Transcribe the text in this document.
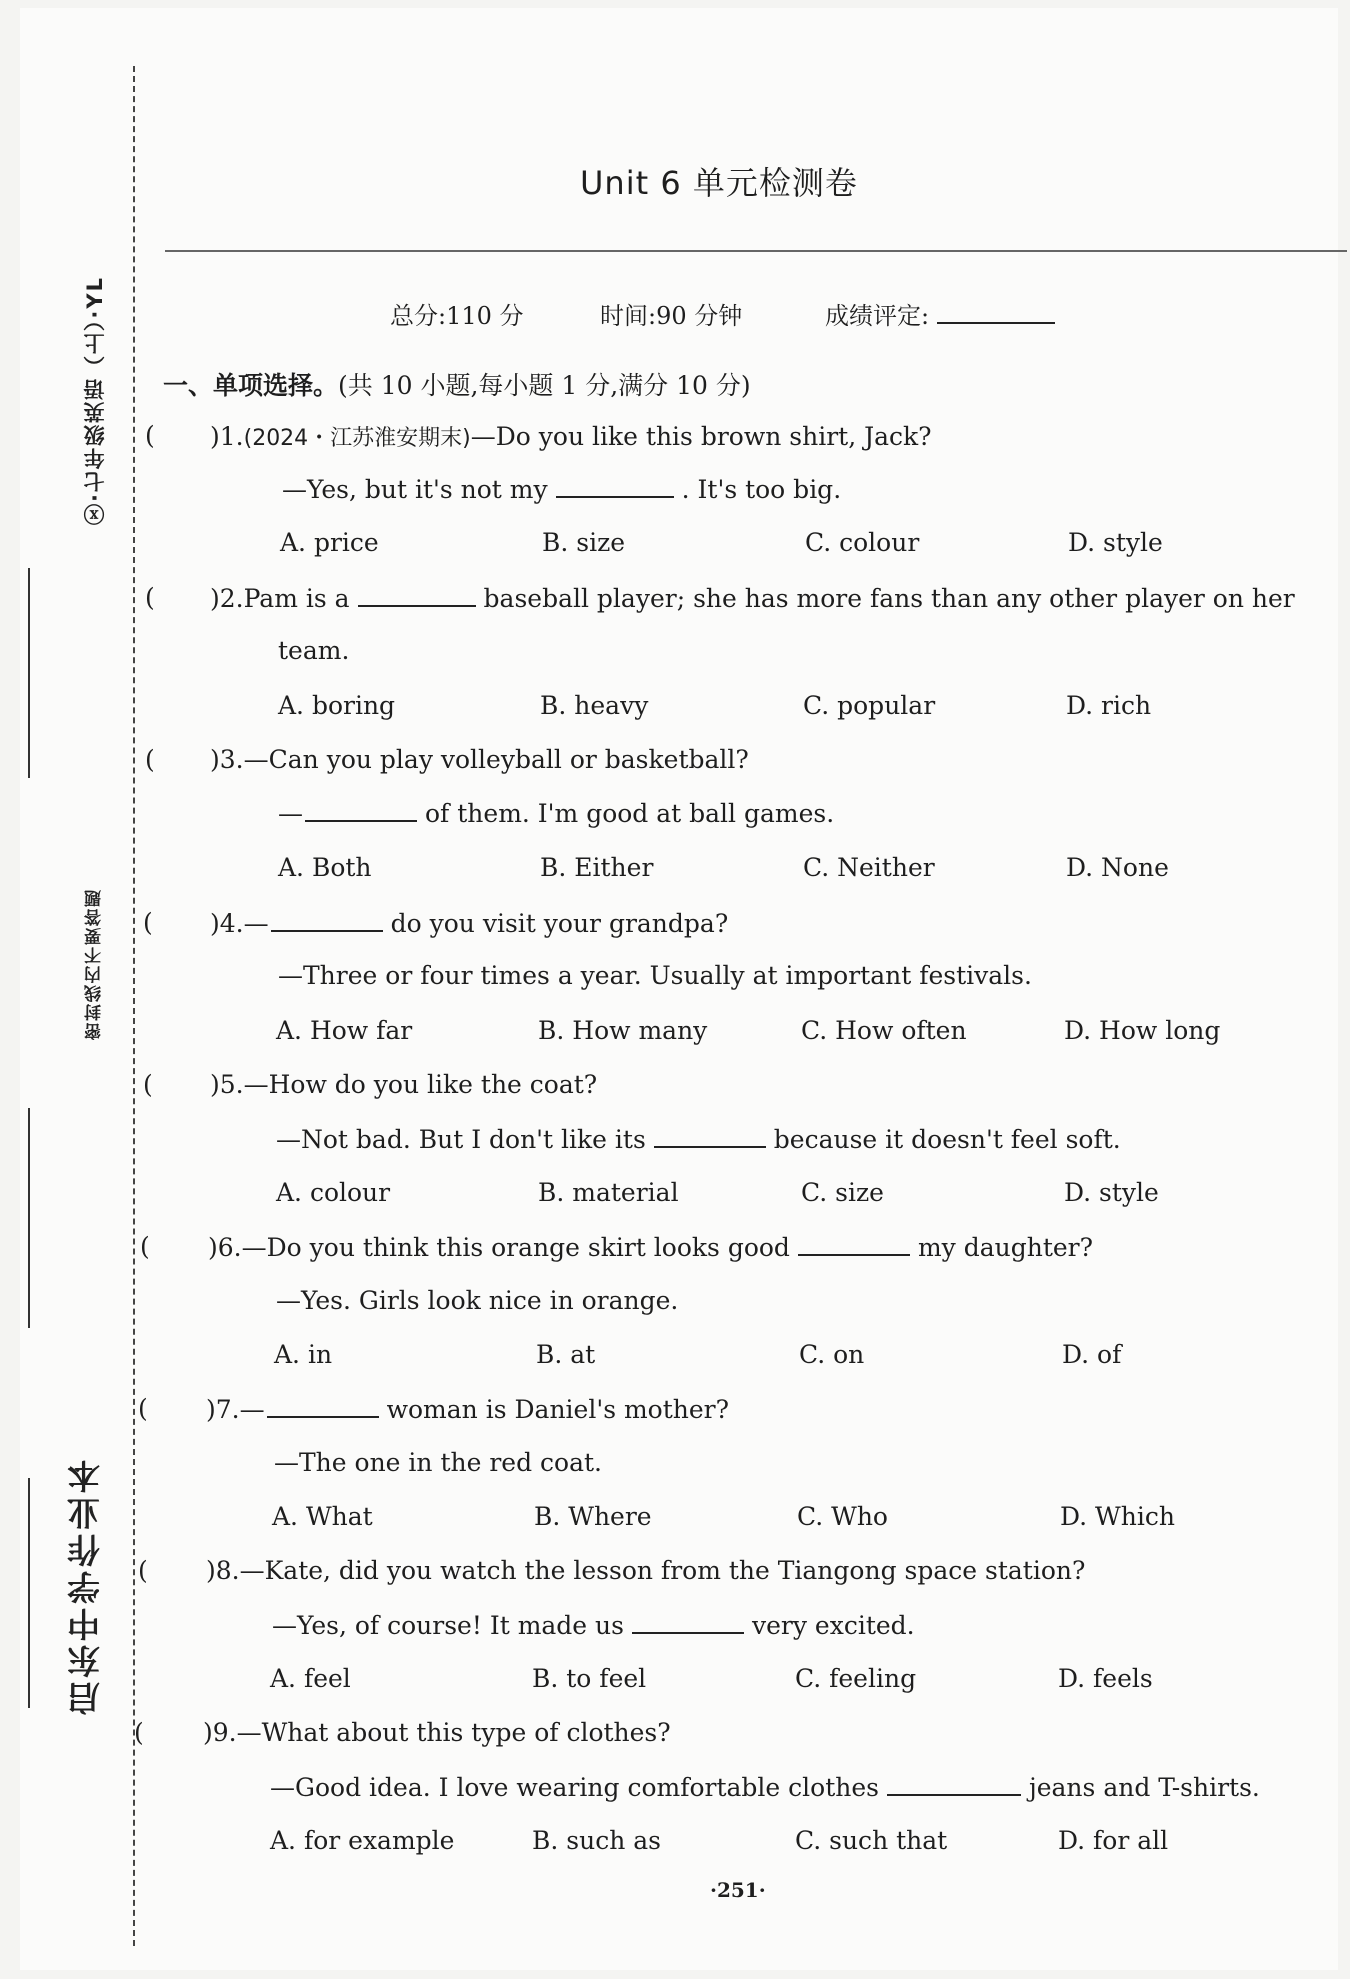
ⓧ·七年级英语（上）·YL
密封线内不要答题
启东中学作业本
Unit 6 单元检测卷
总分:110 分	时间:90 分钟	成绩评定:
一、单项选择。(共 10 小题,每小题 1 分,满分 10 分)
( )1.(2024・江苏淮安期末)—Do you like this brown shirt, Jack?
—Yes, but it's not my	. It's too big.
A. price	B. size	C. colour	D. style
( )2.Pam is a	baseball player; she has more fans than any other player on her
team.
A. boring	B. heavy	C. popular	D. rich
( )3.—Can you play volleyball or basketball?
—	of them. I'm good at ball games.
A. Both	B. Either	C. Neither	D. None
( )4.—	do you visit your grandpa?
—Three or four times a year. Usually at important festivals.
A. How far	B. How many	C. How often	D. How long
( )5.—How do you like the coat?
—Not bad. But I don't like its	because it doesn't feel soft.
A. colour	B. material	C. size	D. style
( )6.—Do you think this orange skirt looks good	my daughter?
—Yes. Girls look nice in orange.
A. in	B. at	C. on	D. of
( )7.—	woman is Daniel's mother?
—The one in the red coat.
A. What	B. Where	C. Who	D. Which
( )8.—Kate, did you watch the lesson from the Tiangong space station?
—Yes, of course! It made us	very excited.
A. feel	B. to feel	C. feeling	D. feels
( )9.—What about this type of clothes?
—Good idea. I love wearing comfortable clothes	jeans and T-shirts.
A. for example	B. such as	C. such that	D. for all
·251·
